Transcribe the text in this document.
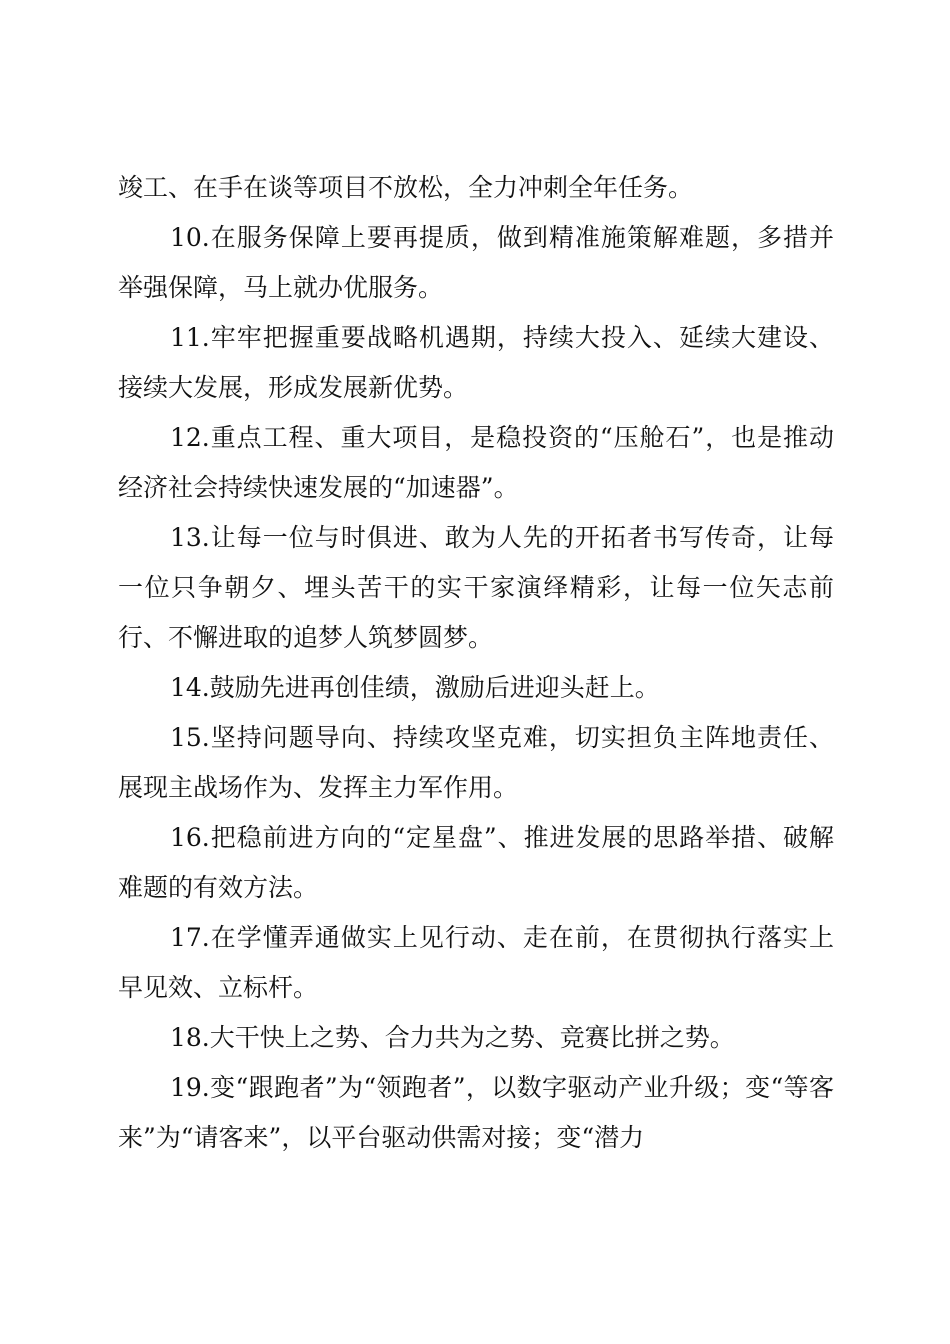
竣工、在手在谈等项目不放松，全力冲刺全年任务。

10.在服务保障上要再提质，做到精准施策解难题，多措并举强保障，马上就办优服务。

11.牢牢把握重要战略机遇期，持续大投入、延续大建设、接续大发展，形成发展新优势。

12.重点工程、重大项目，是稳投资的“压舱石”，也是推动经济社会持续快速发展的“加速器”。

13.让每一位与时俱进、敢为人先的开拓者书写传奇，让每一位只争朝夕、埋头苦干的实干家演绎精彩，让每一位矢志前行、不懈进取的追梦人筑梦圆梦。

14.鼓励先进再创佳绩，激励后进迎头赶上。

15.坚持问题导向、持续攻坚克难，切实担负主阵地责任、展现主战场作为、发挥主力军作用。

16.把稳前进方向的“定星盘”、推进发展的思路举措、破解难题的有效方法。

17.在学懂弄通做实上见行动、走在前，在贯彻执行落实上早见效、立标杆。

18.大干快上之势、合力共为之势、竞赛比拼之势。

19.变“跟跑者”为“领跑者”，以数字驱动产业升级；变“等客来”为“请客来”，以平台驱动供需对接；变“潜力
